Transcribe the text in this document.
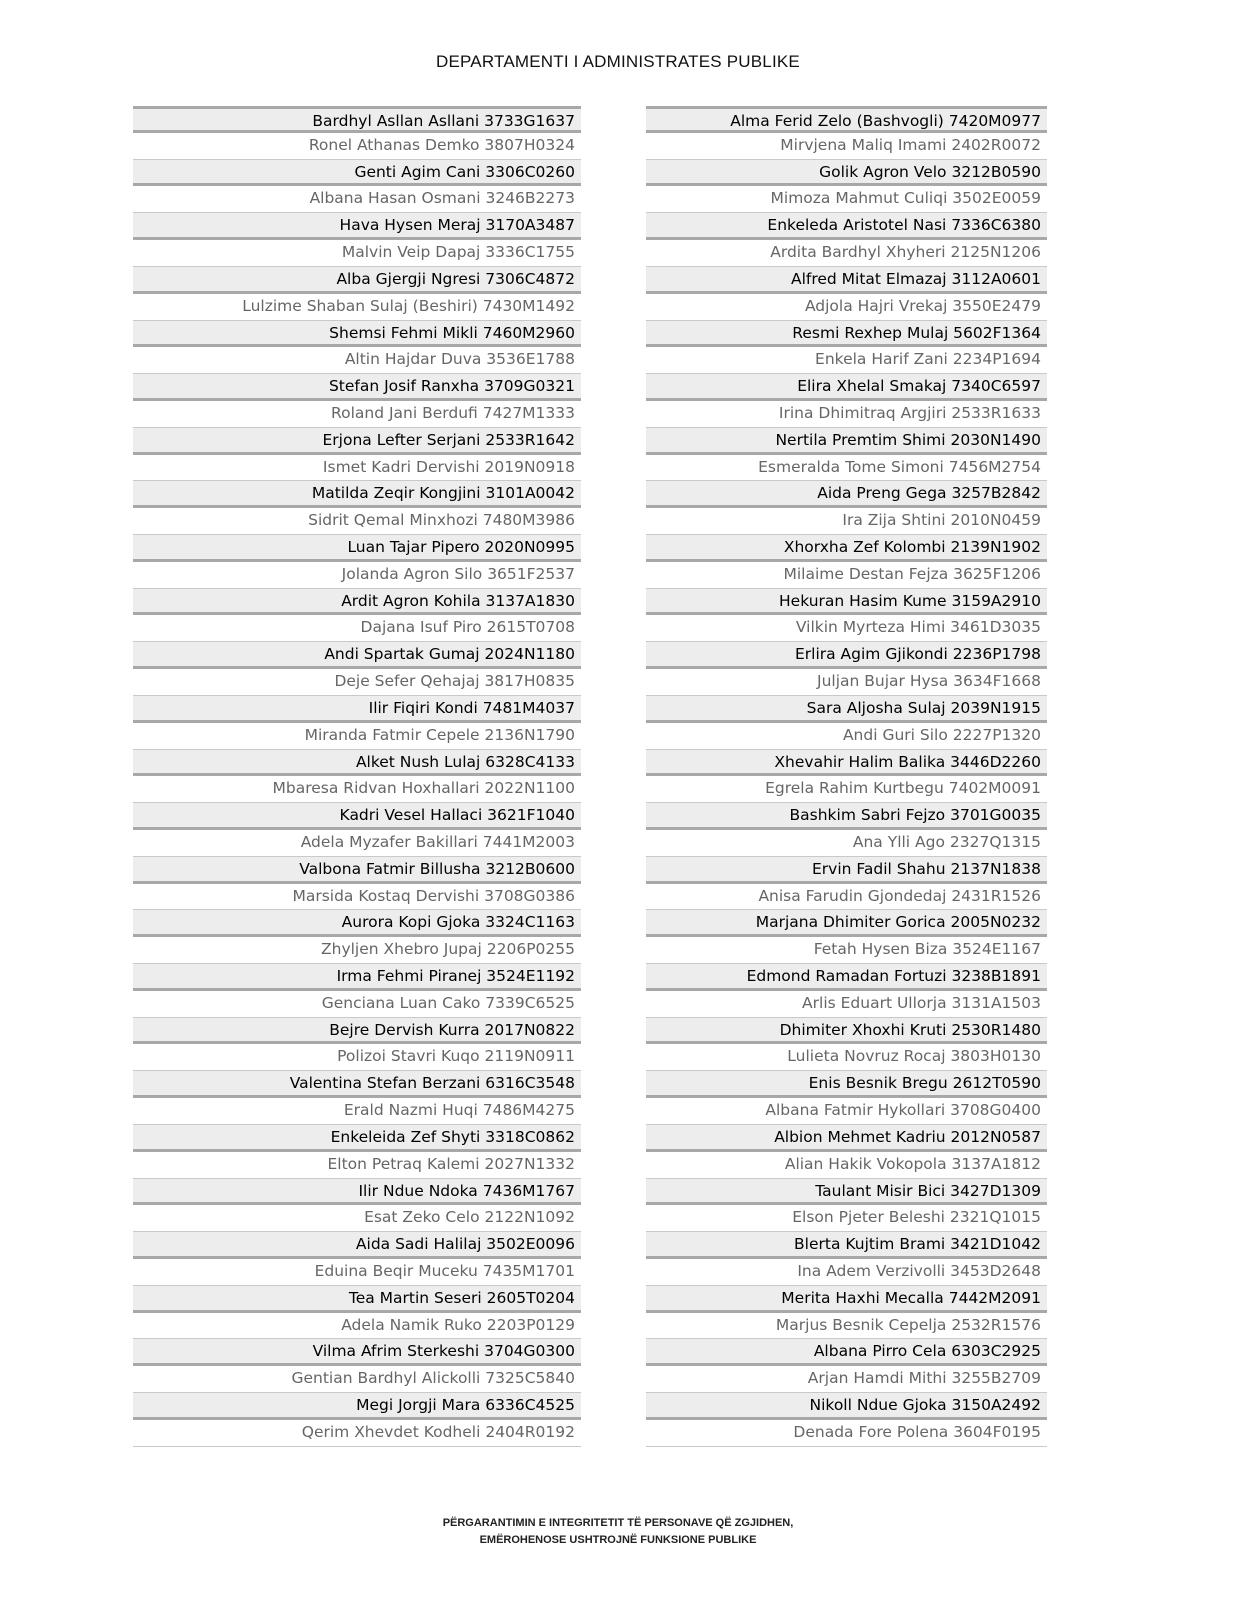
DEPARTAMENTI I ADMINISTRATES PUBLIKE
Bardhyl Asllan Asllani 3733G1637
Ronel Athanas Demko 3807H0324
Genti Agim Cani 3306C0260
Albana Hasan Osmani 3246B2273
Hava Hysen Meraj 3170A3487
Malvin Veip Dapaj 3336C1755
Alba Gjergji Ngresi 7306C4872
Lulzime Shaban Sulaj (Beshiri) 7430M1492
Shemsi Fehmi Mikli 7460M2960
Altin Hajdar Duva 3536E1788
Stefan Josif Ranxha 3709G0321
Roland Jani Berdufi 7427M1333
Erjona Lefter Serjani 2533R1642
Ismet Kadri Dervishi 2019N0918
Matilda Zeqir Kongjini 3101A0042
Sidrit Qemal Minxhozi 7480M3986
Luan Tajar Pipero 2020N0995
Jolanda Agron Silo 3651F2537
Ardit Agron Kohila 3137A1830
Dajana Isuf Piro 2615T0708
Andi Spartak Gumaj 2024N1180
Deje Sefer Qehajaj 3817H0835
Ilir Fiqiri Kondi 7481M4037
Miranda Fatmir Cepele 2136N1790
Alket Nush Lulaj 6328C4133
Mbaresa Ridvan Hoxhallari 2022N1100
Kadri Vesel Hallaci 3621F1040
Adela Myzafer Bakillari 7441M2003
Valbona Fatmir Billusha 3212B0600
Marsida Kostaq Dervishi 3708G0386
Aurora Kopi Gjoka 3324C1163
Zhyljen Xhebro Jupaj 2206P0255
Irma Fehmi Piranej 3524E1192
Genciana Luan Cako 7339C6525
Bejre Dervish Kurra 2017N0822
Polizoi Stavri Kuqo 2119N0911
Valentina Stefan Berzani 6316C3548
Erald Nazmi Huqi 7486M4275
Enkeleida Zef Shyti 3318C0862
Elton Petraq Kalemi 2027N1332
Ilir Ndue Ndoka 7436M1767
Esat Zeko Celo 2122N1092
Aida Sadi Halilaj 3502E0096
Eduina Beqir Muceku 7435M1701
Tea Martin Seseri 2605T0204
Adela Namik Ruko 2203P0129
Vilma Afrim Sterkeshi 3704G0300
Gentian Bardhyl Alickolli 7325C5840
Megi Jorgji Mara 6336C4525
Qerim Xhevdet Kodheli 2404R0192
Alma Ferid Zelo (Bashvogli) 7420M0977
Mirvjena Maliq Imami 2402R0072
Golik Agron Velo 3212B0590
Mimoza Mahmut Culiqi 3502E0059
Enkeleda Aristotel Nasi 7336C6380
Ardita Bardhyl Xhyheri 2125N1206
Alfred Mitat Elmazaj 3112A0601
Adjola Hajri Vrekaj 3550E2479
Resmi Rexhep Mulaj 5602F1364
Enkela Harif Zani 2234P1694
Elira Xhelal Smakaj 7340C6597
Irina Dhimitraq Argjiri 2533R1633
Nertila Premtim Shimi 2030N1490
Esmeralda Tome Simoni 7456M2754
Aida Preng Gega 3257B2842
Ira Zija Shtini 2010N0459
Xhorxha Zef Kolombi 2139N1902
Milaime Destan Fejza 3625F1206
Hekuran Hasim Kume 3159A2910
Vilkin Myrteza Himi 3461D3035
Erlira Agim Gjikondi 2236P1798
Juljan Bujar Hysa 3634F1668
Sara Aljosha Sulaj 2039N1915
Andi Guri Silo 2227P1320
Xhevahir Halim Balika 3446D2260
Egrela Rahim Kurtbegu 7402M0091
Bashkim Sabri Fejzo 3701G0035
Ana Ylli Ago 2327Q1315
Ervin Fadil Shahu 2137N1838
Anisa Farudin Gjondedaj 2431R1526
Marjana Dhimiter Gorica 2005N0232
Fetah Hysen Biza 3524E1167
Edmond Ramadan Fortuzi 3238B1891
Arlis Eduart Ullorja 3131A1503
Dhimiter Xhoxhi Kruti 2530R1480
Lulieta Novruz Rocaj 3803H0130
Enis Besnik Bregu 2612T0590
Albana Fatmir Hykollari 3708G0400
Albion Mehmet Kadriu 2012N0587
Alian Hakik Vokopola 3137A1812
Taulant Misir Bici 3427D1309
Elson Pjeter Beleshi 2321Q1015
Blerta Kujtim Brami 3421D1042
Ina Adem Verzivolli 3453D2648
Merita Haxhi Mecalla 7442M2091
Marjus Besnik Cepelja 2532R1576
Albana Pirro Cela 6303C2925
Arjan Hamdi Mithi 3255B2709
Nikoll Ndue Gjoka 3150A2492
Denada Fore Polena 3604F0195
PËRGARANTIMIN E INTEGRITETIT TË PERSONAVE QË ZGJIDHEN,
EMËROHENOSE USHTROJNË FUNKSIONE PUBLIKE
